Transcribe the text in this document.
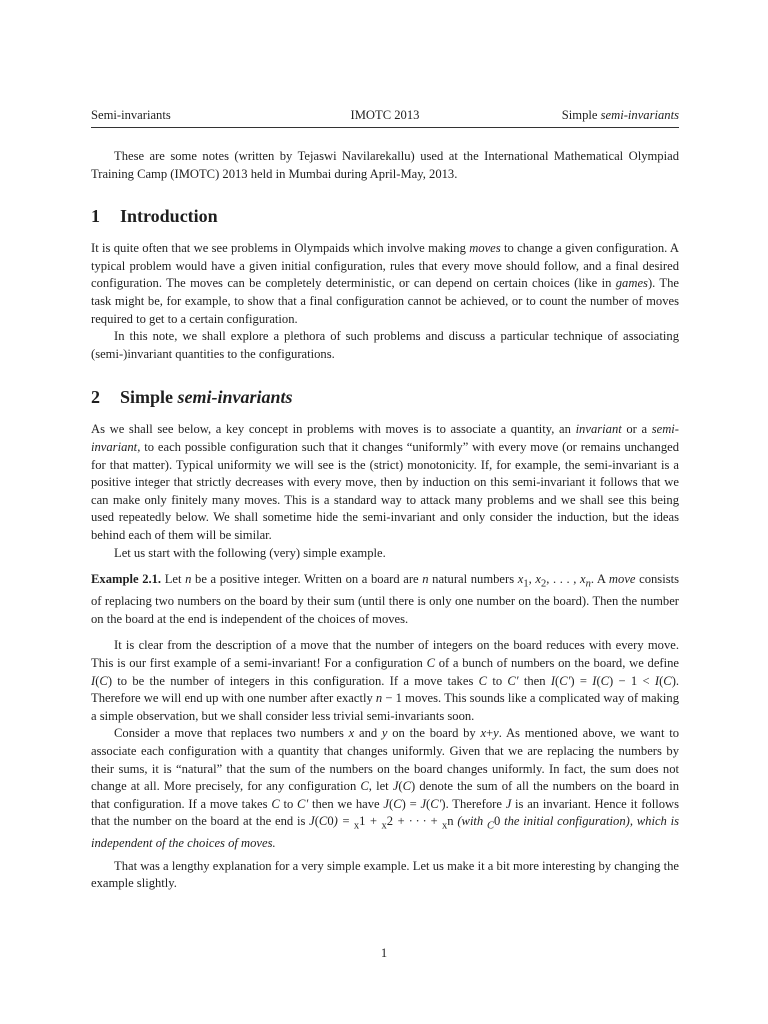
Semi-invariants	IMOTC 2013	Simple semi-invariants

These are some notes (written by Tejaswi Navilarekallu) used at the International Mathematical Olympiad Training Camp (IMOTC) 2013 held in Mumbai during April-May, 2013.

1 Introduction

It is quite often that we see problems in Olympaids which involve making moves to change a given configuration. A typical problem would have a given initial configuration, rules that every move should follow, and a final desired configuration. The moves can be completely deterministic, or can depend on certain choices (like in games). The task might be, for example, to show that a final configuration cannot be achieved, or to count the number of moves required to get to a certain configuration.

In this note, we shall explore a plethora of such problems and discuss a particular technique of associating (semi-)invariant quantities to the configurations.

2 Simple semi-invariants

As we shall see below, a key concept in problems with moves is to associate a quantity, an invariant or a semi-invariant, to each possible configuration such that it changes “uniformly” with every move (or remains unchanged for that matter). Typical uniformity we will see is the (strict) monotonicity. If, for example, the semi-invariant is a positive integer that strictly decreases with every move, then by induction on this semi-invariant it follows that we can make only finitely many moves. This is a standard way to attack many problems and we shall see this being used repeatedly below. We shall sometime hide the semi-invariant and only consider the induction, but the ideas behind each of them will be similar.

Let us start with the following (very) simple example.

Example 2.1. Let n be a positive integer. Written on a board are n natural numbers $x_1$, $x_2$, . . . , $x_n$. A move consists of replacing two numbers on the board by their sum (until there is only one number on the board). Then the number on the board at the end is independent of the choices of moves.

It is clear from the description of a move that the number of integers on the board reduces with every move. This is our first example of a semi-invariant! For a configuration C of a bunch of numbers on the board, we define I(C) to be the number of integers in this configuration. If a move takes C to C′ then I(C′) = I(C) − 1 < I(C). Therefore we will end up with one number after exactly n − 1 moves. This sounds like a complicated way of making a simple observation, but we shall consider less trivial semi-invariants soon.

Consider a move that replaces two numbers x and y on the board by x+y. As mentioned above, we want to associate each configuration with a quantity that changes uniformly. Given that we are replacing the numbers by their sums, it is “natural” that the sum of the numbers on the board changes uniformly. In fact, the sum does not change at all. More precisely, for any configuration C, let J(C) denote the sum of all the numbers on the board in that configuration. If a move takes C to C′ then we have J(C) = J(C′). Therefore J is an invariant. Hence it follows that the number on the board at the end is J(C0) = $_x$1 + $_x$2 + · · · + $_x$n (with $_C$0 the initial configuration), which is independent of the choices of moves.

That was a lengthy explanation for a very simple example. Let us make it a bit more interesting by changing the example slightly.

1
